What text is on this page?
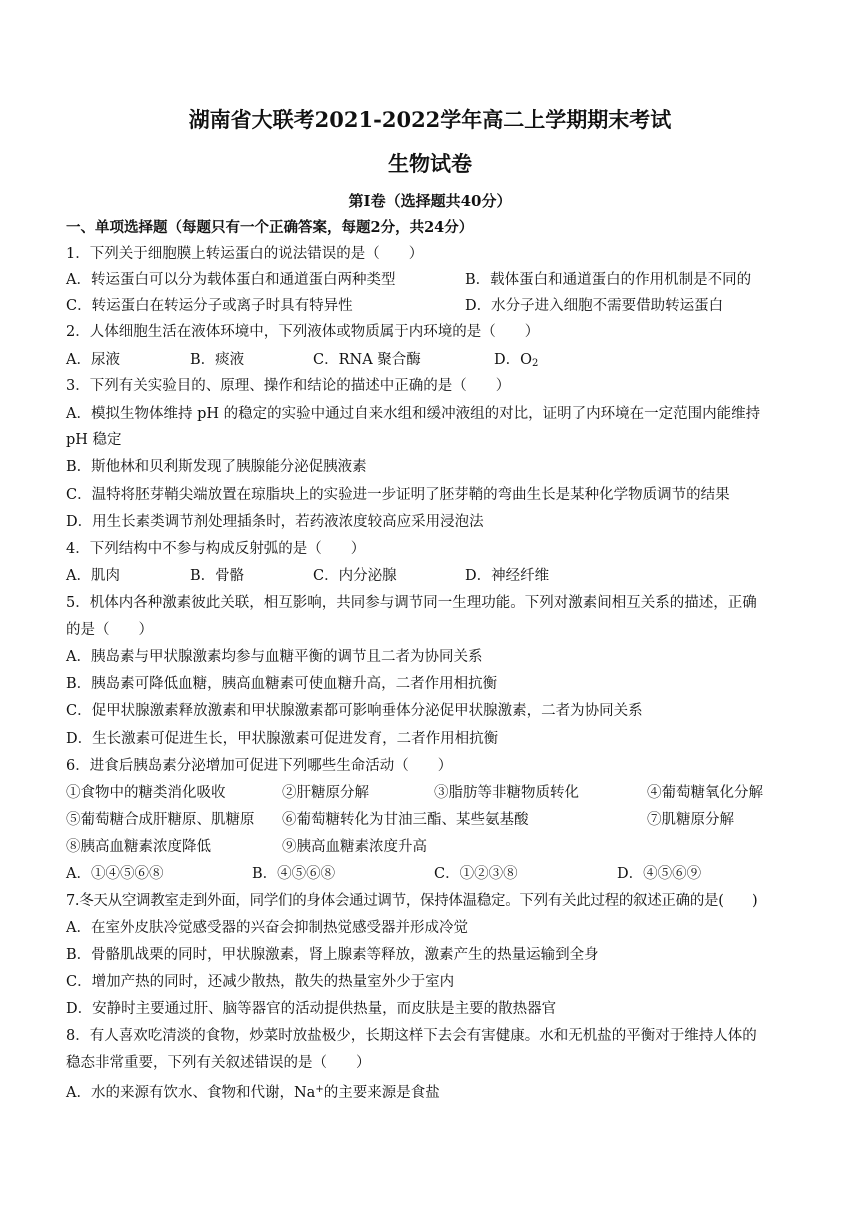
湖南省大联考2021-2022学年高二上学期期末考试
生物试卷
第I卷（选择题共40分）
一、单项选择题（每题只有一个正确答案，每题2分，共24分）
1．下列关于细胞膜上转运蛋白的说法错误的是（　　）
A．转运蛋白可以分为载体蛋白和通道蛋白两种类型	B．载体蛋白和通道蛋白的作用机制是不同的
C．转运蛋白在转运分子或离子时具有特异性	D．水分子进入细胞不需要借助转运蛋白
2．人体细胞生活在液体环境中，下列液体或物质属于内环境的是（　　）
A．尿液	B．痰液	C．RNA 聚合酶	D．$O_2$
3．下列有关实验目的、原理、操作和结论的描述中正确的是（　　）
A．模拟生物体维持 pH 的稳定的实验中通过自来水组和缓冲液组的对比，证明了内环境在一定范围内能维持
pH 稳定
B．斯他林和贝利斯发现了胰腺能分泌促胰液素
C．温特将胚芽鞘尖端放置在琼脂块上的实验进一步证明了胚芽鞘的弯曲生长是某种化学物质调节的结果
D．用生长素类调节剂处理插条时，若药液浓度较高应采用浸泡法
4．下列结构中不参与构成反射弧的是（　　）
A．肌肉	B．骨骼	C．内分泌腺	D．神经纤维
5．机体内各种激素彼此关联，相互影响，共同参与调节同一生理功能。下列对激素间相互关系的描述，正确
的是（　　）
A．胰岛素与甲状腺激素均参与血糖平衡的调节且二者为协同关系
B．胰岛素可降低血糖，胰高血糖素可使血糖升高，二者作用相抗衡
C．促甲状腺激素释放激素和甲状腺激素都可影响垂体分泌促甲状腺激素，二者为协同关系
D．生长激素可促进生长，甲状腺激素可促进发育，二者作用相抗衡
6．进食后胰岛素分泌增加可促进下列哪些生命活动（　　）
①食物中的糖类消化吸收	②肝糖原分解	③脂肪等非糖物质转化	④葡萄糖氧化分解
⑤葡萄糖合成肝糖原、肌糖原 ⑥葡萄糖转化为甘油三酯、某些氨基酸	⑦肌糖原分解
⑧胰高血糖素浓度降低	⑨胰高血糖素浓度升高
A．①④⑤⑥⑧	B．④⑤⑥⑧	C．①②③⑧	D．④⑤⑥⑨
7.冬天从空调教室走到外面，同学们的身体会通过调节，保持体温稳定。下列有关此过程的叙述正确的是(　　)
A．在室外皮肤冷觉感受器的兴奋会抑制热觉感受器并形成冷觉
B．骨骼肌战栗的同时，甲状腺激素，肾上腺素等释放，激素产生的热量运输到全身
C．增加产热的同时，还减少散热，散失的热量室外少于室内
D．安静时主要通过肝、脑等器官的活动提供热量，而皮肤是主要的散热器官
8．有人喜欢吃清淡的食物，炒菜时放盐极少，长期这样下去会有害健康。水和无机盐的平衡对于维持人体的
稳态非常重要，下列有关叙述错误的是（　　）
A．水的来源有饮水、食物和代谢，Na+的主要来源是食盐
